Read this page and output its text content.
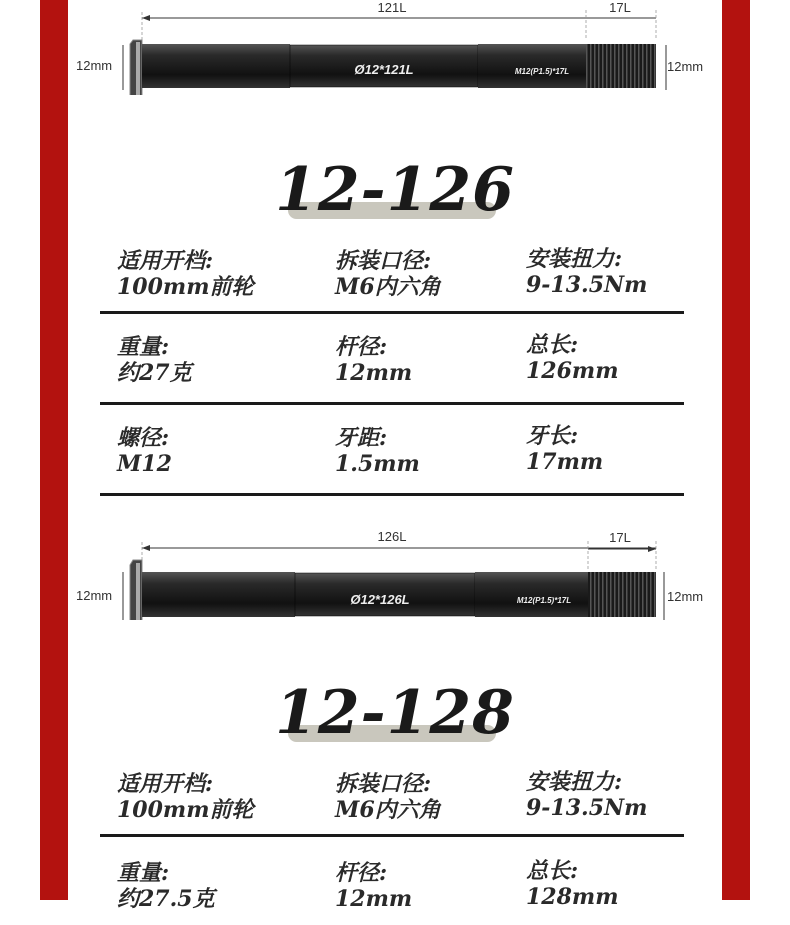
121L	17L
12mm	Ø12*121L	M12(P1.5)*17L	12mm
12-126
适用开档:
100mm前轮
拆装口径:
M6内六角
安装扭力:
9-13.5Nm
重量:
约27克
杆径:
12mm
总长:
126mm
螺径:
M12
牙距:
1.5mm
牙长:
17mm
126L	17L
12mm	Ø12*126L	M12(P1.5)*17L	12mm
12-128
适用开档:
100mm前轮
拆装口径:
M6内六角
安装扭力:
9-13.5Nm
重量:
约27.5克
杆径:
12mm
总长:
128mm
